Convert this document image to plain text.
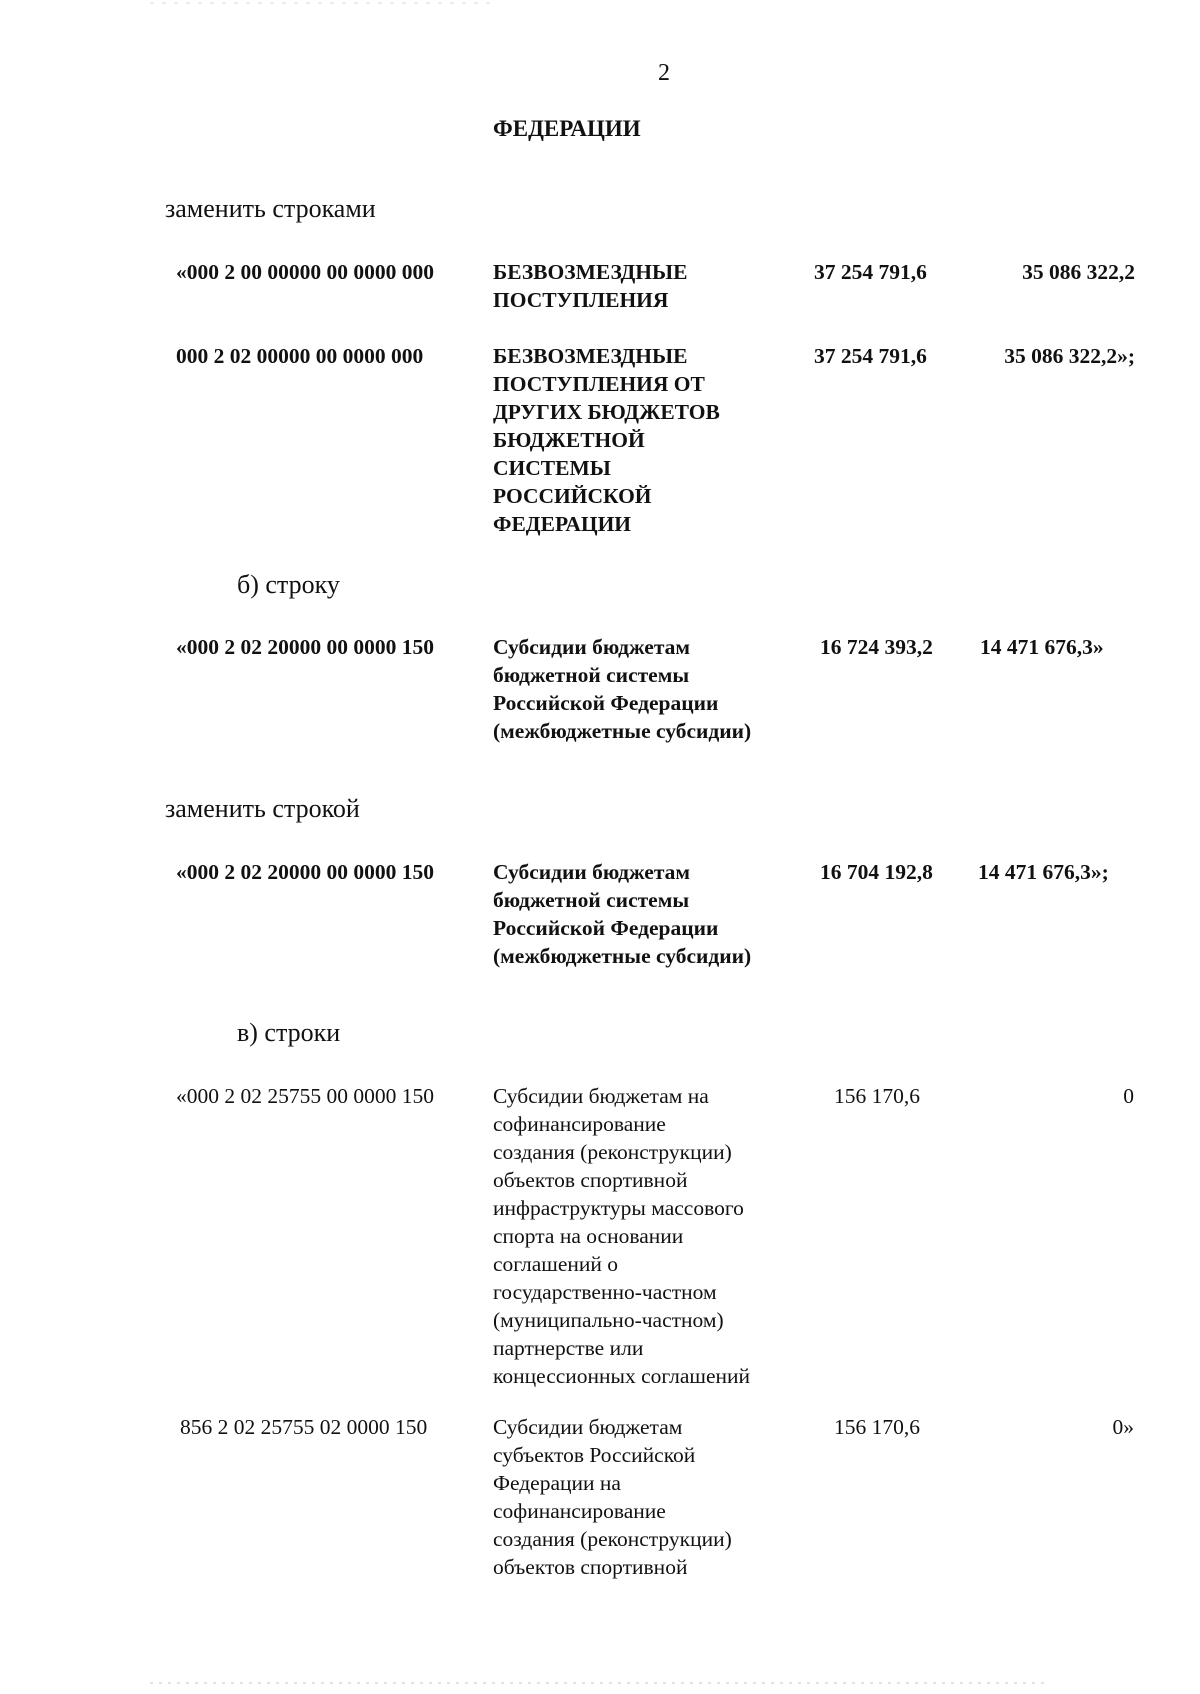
2
ФЕДЕРАЦИИ
заменить строками
«000 2 00 00000 00 0000 000	БЕЗВОЗМЕЗДНЫЕ
ПОСТУПЛЕНИЯ
37 254 791,6	35 086 322,2
000 2 02 00000 00 0000 000	БЕЗВОЗМЕЗДНЫЕ
ПОСТУПЛЕНИЯ ОТ
ДРУГИХ БЮДЖЕТОВ
БЮДЖЕТНОЙ
СИСТЕМЫ
РОССИЙСКОЙ
ФЕДЕРАЦИИ
37 254 791,6	35 086 322,2»;
б) строку
«000 2 02 20000 00 0000 150	Субсидии бюджетам
бюджетной системы
Российской Федерации
(межбюджетные субсидии)
16 724 393,2 14 471 676,3»
заменить строкой
«000 2 02 20000 00 0000 150	Субсидии бюджетам
бюджетной системы
Российской Федерации
(межбюджетные субсидии)
16 704 192,8 14 471 676,3»;
в) строки
«000 2 02 25755 00 0000 150	Субсидии бюджетам на
софинансирование
создания (реконструкции)
объектов спортивной
инфраструктуры массового
спорта на основании
соглашений о
государственно-частном
(муниципально-частном)
партнерстве или
концессионных соглашений
156 170,6	0
856 2 02 25755 02 0000 150	Субсидии бюджетам
субъектов Российской
Федерации на
софинансирование
создания (реконструкции)
объектов спортивной
156 170,6	0»
